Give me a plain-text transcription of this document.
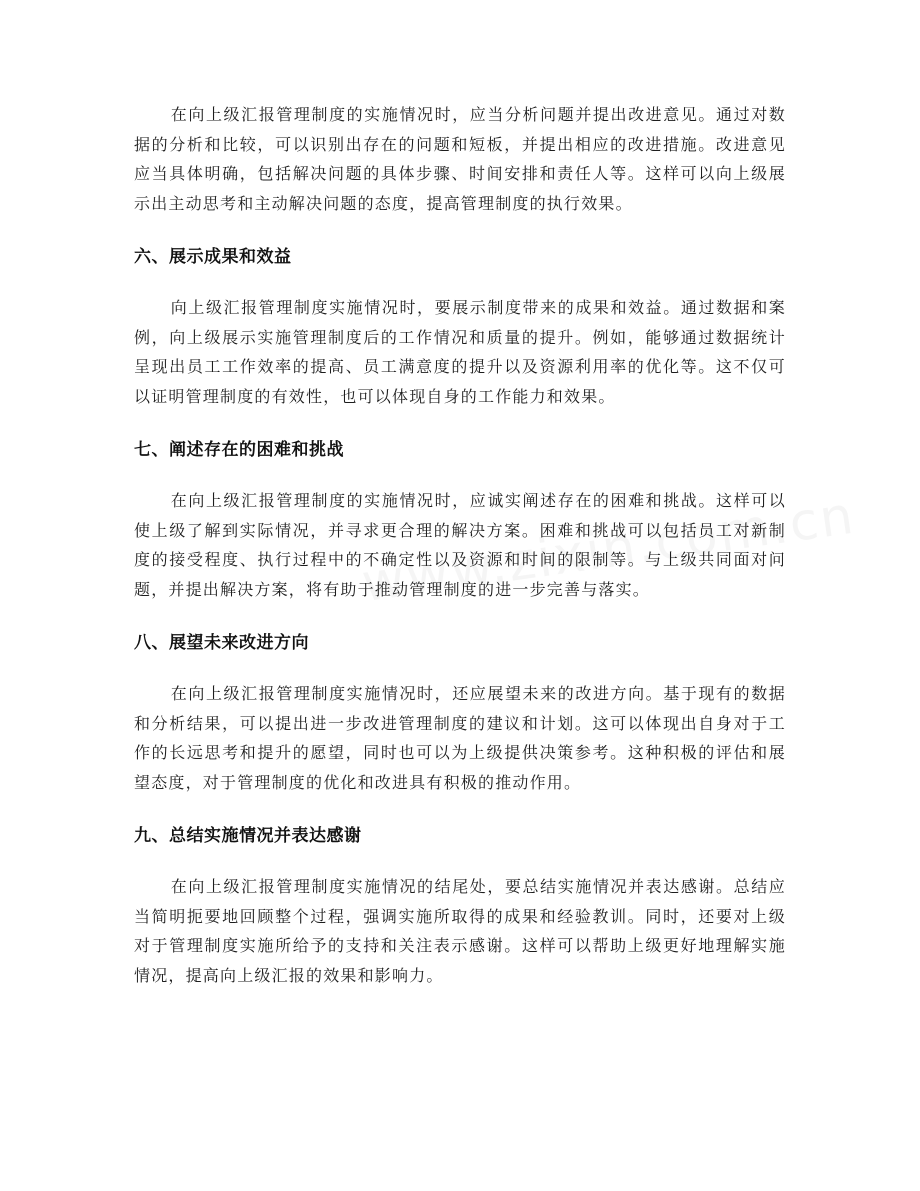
在向上级汇报管理制度的实施情况时，应当分析问题并提出改进意见。通过对数据的分析和比较，可以识别出存在的问题和短板，并提出相应的改进措施。改进意见应当具体明确，包括解决问题的具体步骤、时间安排和责任人等。这样可以向上级展示出主动思考和主动解决问题的态度，提高管理制度的执行效果。

六、展示成果和效益

向上级汇报管理制度实施情况时，要展示制度带来的成果和效益。通过数据和案例，向上级展示实施管理制度后的工作情况和质量的提升。例如，能够通过数据统计呈现出员工工作效率的提高、员工满意度的提升以及资源利用率的优化等。这不仅可以证明管理制度的有效性，也可以体现自身的工作能力和效果。

七、阐述存在的困难和挑战

在向上级汇报管理制度的实施情况时，应诚实阐述存在的困难和挑战。这样可以使上级了解到实际情况，并寻求更合理的解决方案。困难和挑战可以包括员工对新制度的接受程度、执行过程中的不确定性以及资源和时间的限制等。与上级共同面对问题，并提出解决方案，将有助于推动管理制度的进一步完善与落实。

八、展望未来改进方向

在向上级汇报管理制度实施情况时，还应展望未来的改进方向。基于现有的数据和分析结果，可以提出进一步改进管理制度的建议和计划。这可以体现出自身对于工作的长远思考和提升的愿望，同时也可以为上级提供决策参考。这种积极的评估和展望态度，对于管理制度的优化和改进具有积极的推动作用。

九、总结实施情况并表达感谢

在向上级汇报管理制度实施情况的结尾处，要总结实施情况并表达感谢。总结应当简明扼要地回顾整个过程，强调实施所取得的成果和经验教训。同时，还要对上级对于管理制度实施所给予的支持和关注表示感谢。这样可以帮助上级更好地理解实施情况，提高向上级汇报的效果和影响力。
